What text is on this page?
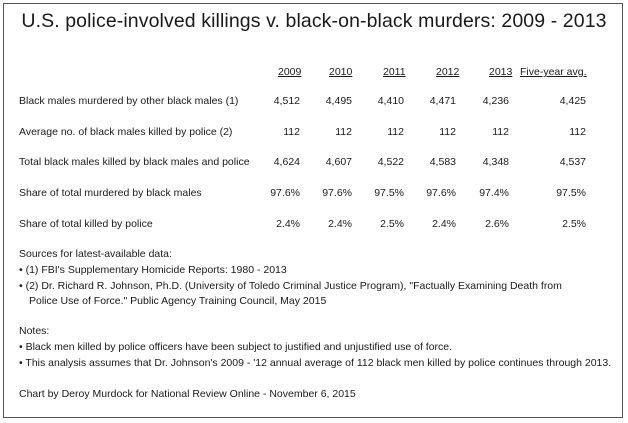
U.S. police-involved killings v. black-on-black murders: 2009 - 2013
2009	2010	2011	2012	2013 Five-year avg.
Black males murdered by other black males (1)	4,512 4,495 4,410 4,471	4,236	4,425
Average no. of black males killed by police (2)	112	112	112	112	112	112
Total black males killed by black males and police 4,624 4,607 4,522 4,583	4,348	4,537
Share of total murdered by black males	97.6% 97.6% 97.5% 97.6% 97.4%	97.5%
Share of total killed by police	2.4%	2.4%	2.5%	2.4%	2.6%	2.5%
Sources for latest-available data:
• (1) FBI's Supplementary Homicide Reports: 1980 - 2013
• (2) Dr. Richard R. Johnson, Ph.D. (University of Toledo Criminal Justice Program), "Factually Examining Death from
Police Use of Force." Public Agency Training Council, May 2015
Notes:
• Black men killed by police officers have been subject to justified and unjustified use of force.
• This analysis assumes that Dr. Johnson's 2009 - '12 annual average of 112 black men killed by police continues through 2013.
Chart by Deroy Murdock for National Review Online - November 6, 2015
